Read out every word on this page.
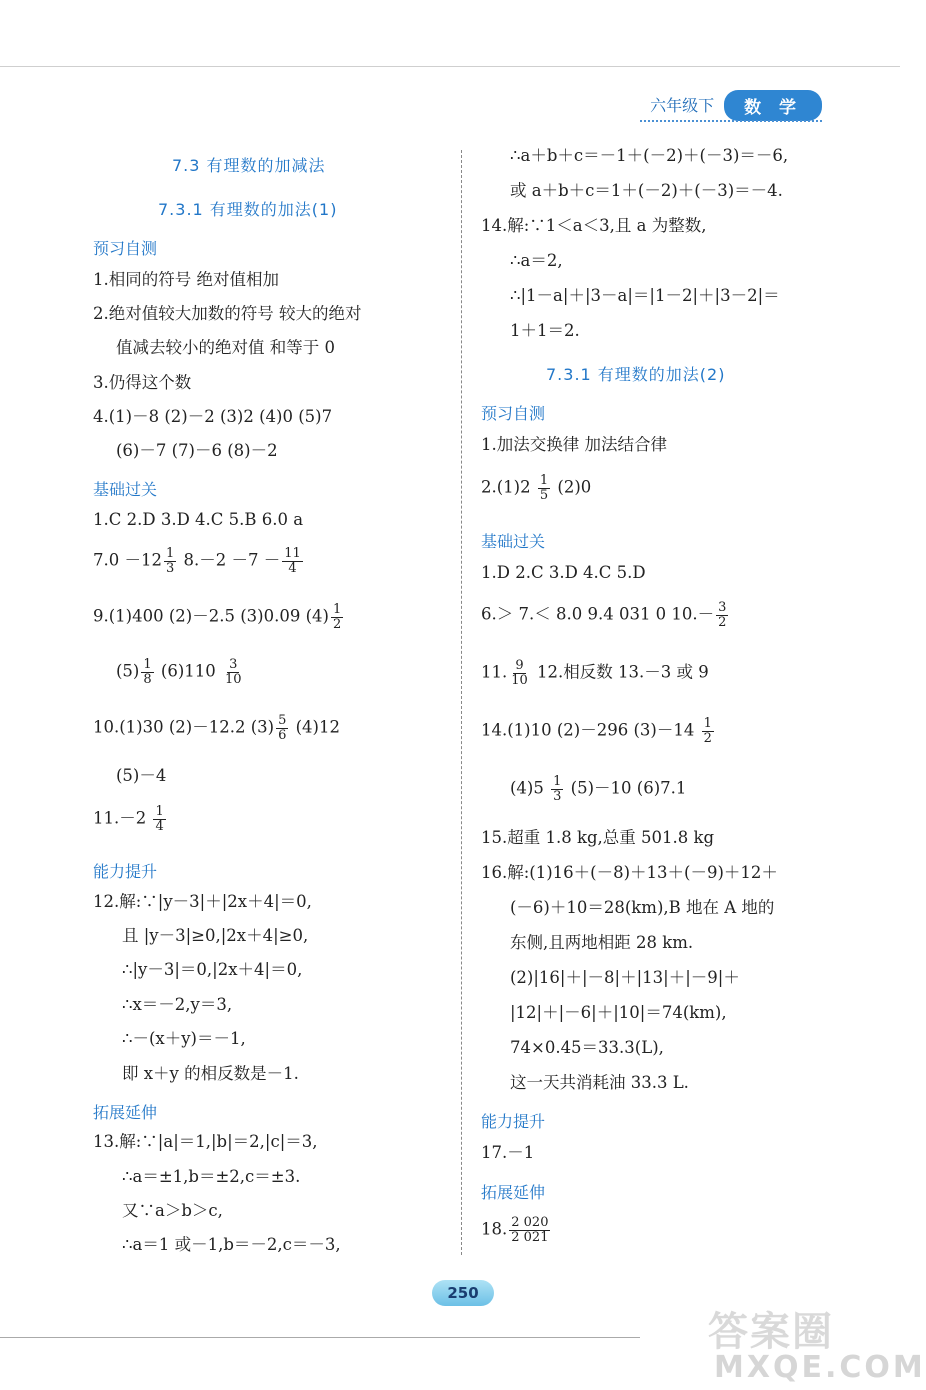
六年级下	数 学
7.3 有理数的加减法
7.3.1 有理数的加法(1)
预习自测
1.相同的符号 绝对值相加
2.绝对值较大加数的符号 较大的绝对
值减去较小的绝对值 和等于 0
3.仍得这个数
4.(1)－8 (2)－2 (3)2 (4)0 (5)7
(6)－7 (7)－6 (8)－2
基础过关
1.C 2.D 3.D 4.C 5.B 6.0 a
$7.0 -12 \frac{1}{3} 8.-2 -7 - \frac{11}{4}$
9.(1)400 (2)－2.5 (3)0.09 $(4) \frac{1}{2}$
$(5) \frac{1}{8} (6)110 \frac{3}{10}$
10.(1)30 (2)－12.2 $(3) \frac{5}{6} (4)12$
(5)－4
$11.-2 \frac{1}{4}$
能力提升
12.解:∵|y－3|＋|2x＋4|＝0,
且 |y－3|≥0,|2x＋4|≥0,
∴|y－3|＝0,|2x＋4|＝0,
∴x＝－2,y＝3,
∴－(x＋y)＝－1,
即 x＋y 的相反数是－1.
拓展延伸
13.解:∵|a|＝1,|b|＝2,|c|＝3,
∴a＝±1,b＝±2,c＝±3.
又∵a＞b＞c,
∴a＝1 或－1,b＝－2,c＝－3,
∴a＋b＋c＝－1＋(－2)＋(－3)＝－6,
或 a＋b＋c＝1＋(－2)＋(－3)＝－4.
14.解:∵1＜a＜3,且 a 为整数,
∴a＝2,
∴|1－a|＋|3－a|＝|1－2|＋|3－2|＝
1＋1＝2.
7.3.1 有理数的加法(2)
预习自测
1.加法交换律 加法结合律
$2.(1)2 \frac{1}{5} (2)0$
基础过关
1.D 2.C 3.D 4.C 5.D
6.＞ 7.＜ 8.0 9.4 031 0 $10.- \frac{3}{2}$
11. $\frac{9}{10} 12$.相反数 13.－3 或 9
14.(1)10 (2)－296 $(3)-14 \frac{1}{2}$
$(4)5 \frac{1}{3} (5)-10$ (6)7.1
15.超重 1.8 kg,总重 501.8 kg
16.解:(1)16＋(－8)＋13＋(－9)＋12＋
(－6)＋10＝28(km),B 地在 A 地的
东侧,且两地相距 28 km.
(2)|16|＋|－8|＋|13|＋|－9|＋
|12|＋|－6|＋|10|＝74(km),
74×0.45＝33.3(L),
这一天共消耗油 33.3 L.
能力提升
17.－1
拓展延伸
18. $\frac{2 020}{2 021}$
250
答案圈
MXQE.COM
